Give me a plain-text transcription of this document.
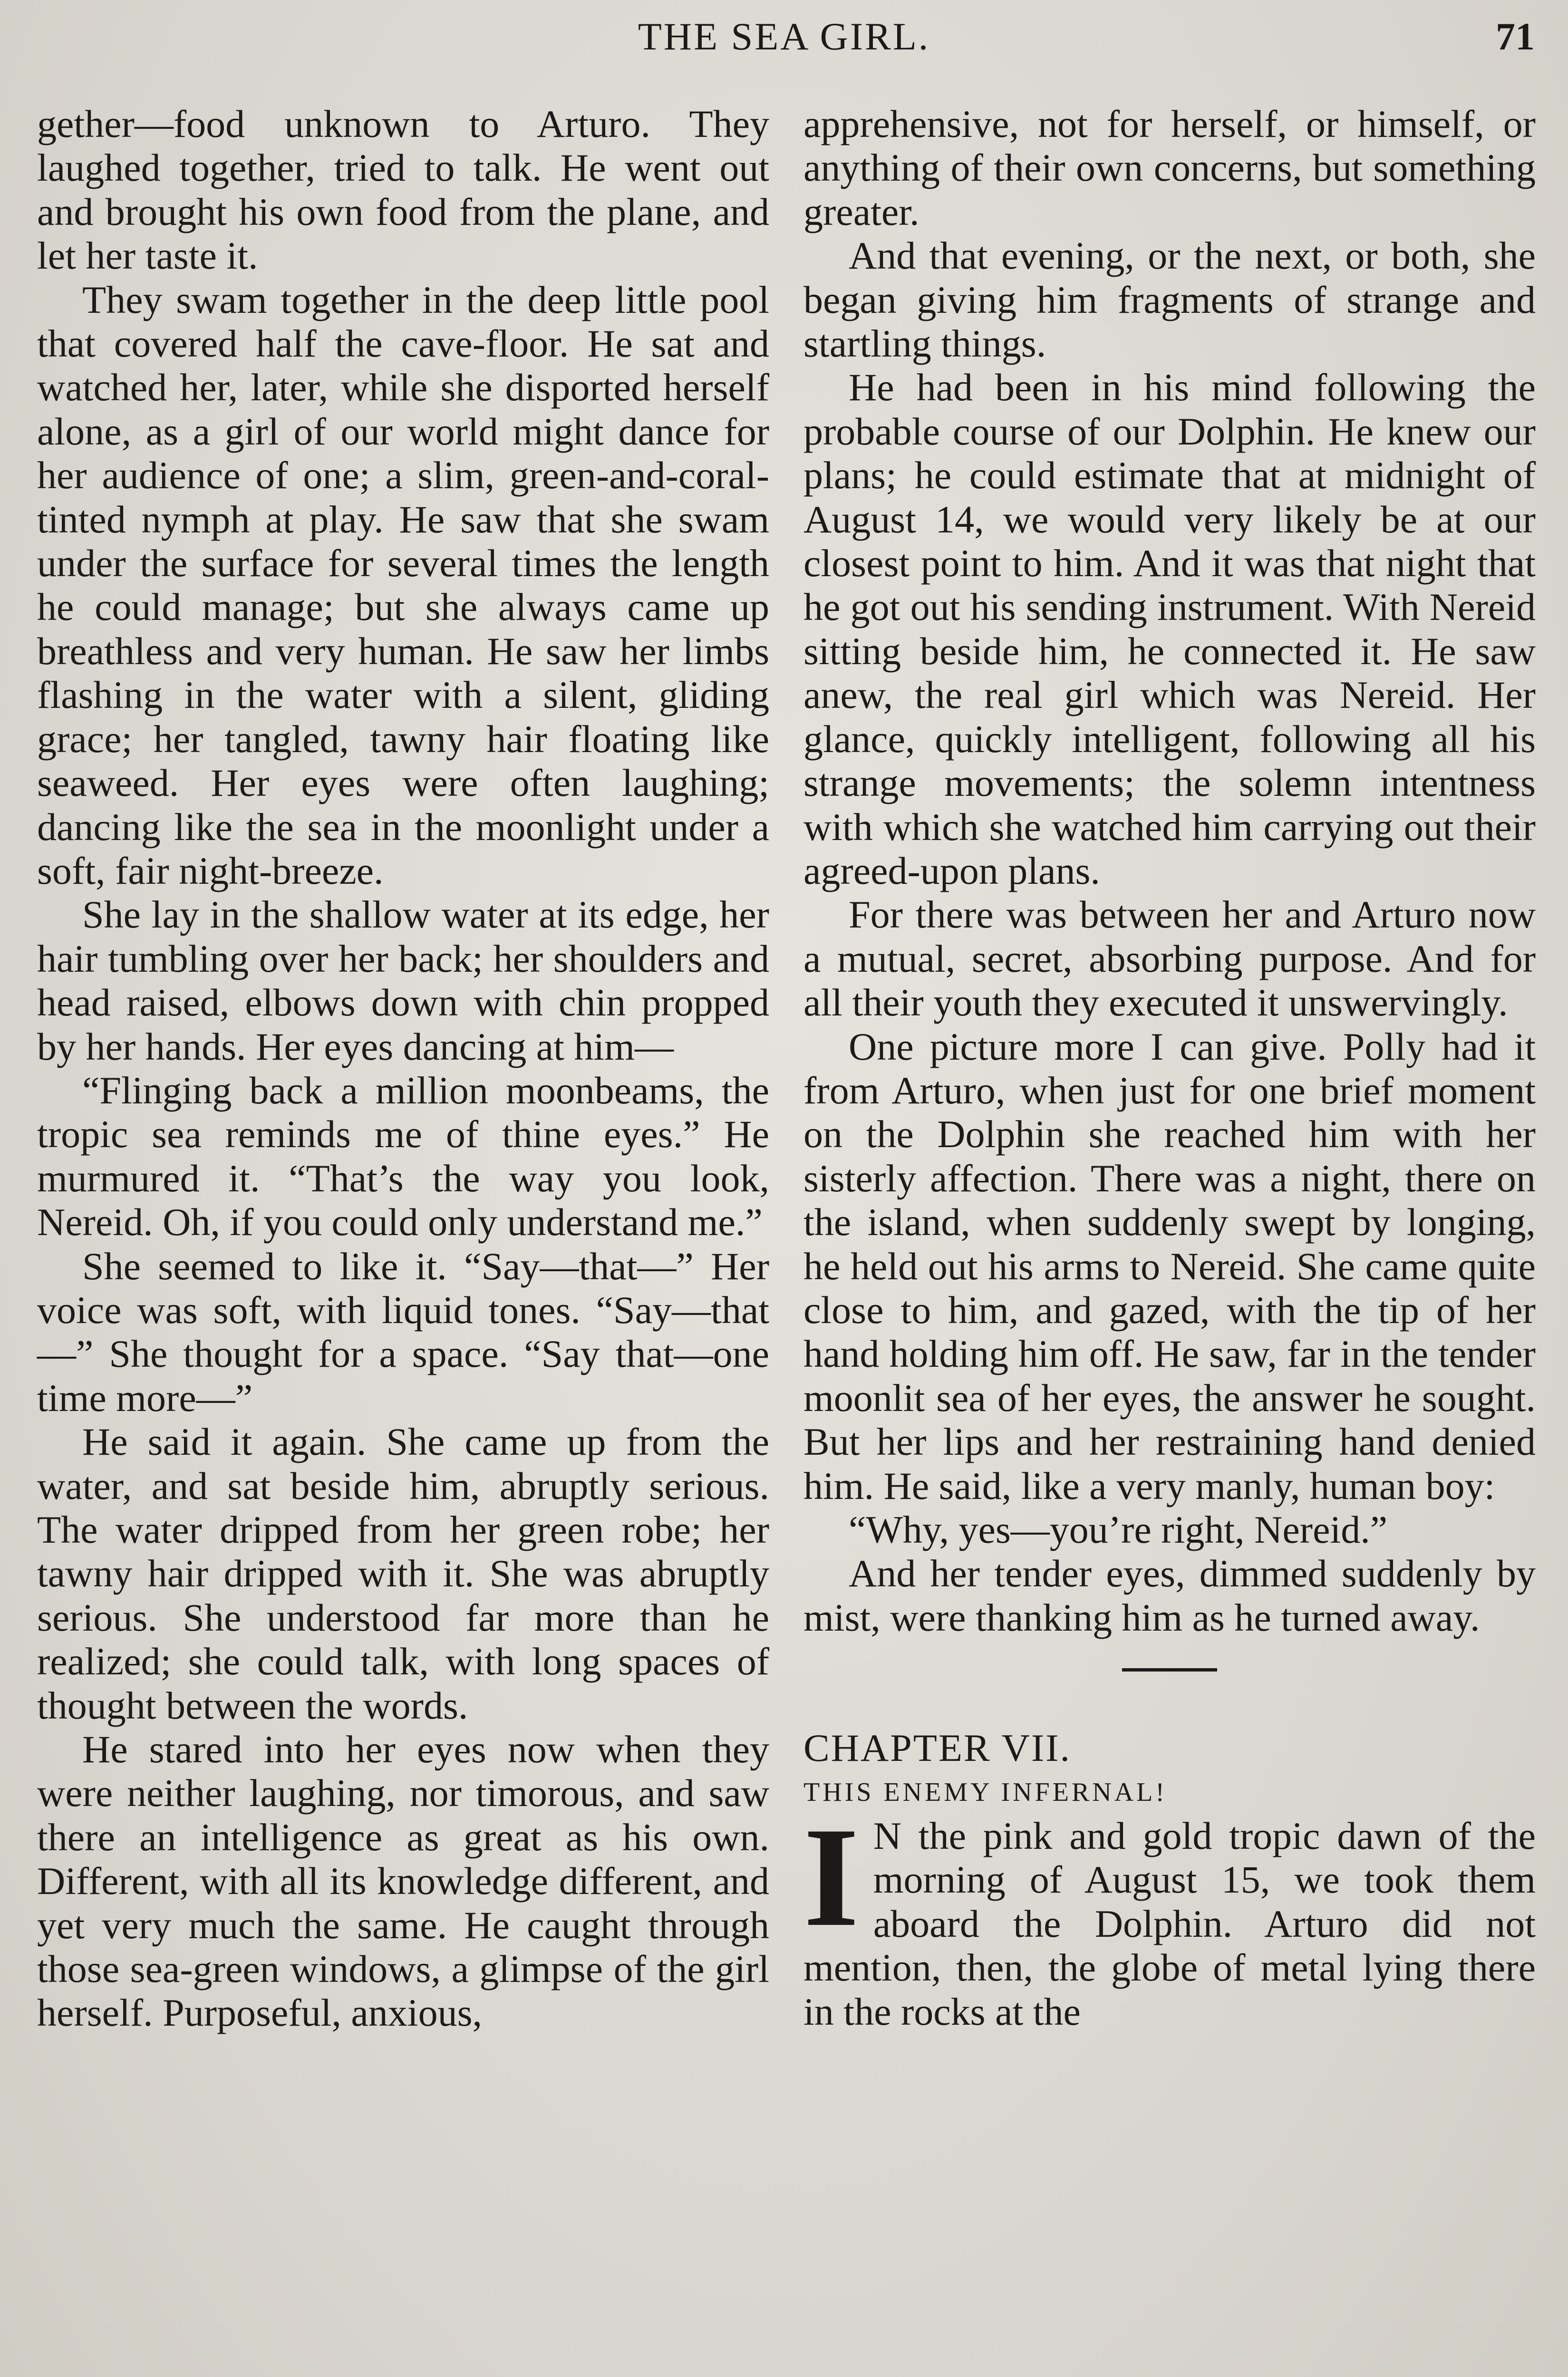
THE SEA GIRL.	71

gether—food unknown to Arturo. They laughed together, tried to talk. He went out and brought his own food from the plane, and let her taste it.

They swam together in the deep little pool that covered half the cave-floor. He sat and watched her, later, while she disported herself alone, as a girl of our world might dance for her audience of one; a slim, green-and-coral-tinted nymph at play. He saw that she swam under the surface for several times the length he could manage; but she always came up breathless and very human. He saw her limbs flashing in the water with a silent, gliding grace; her tangled, tawny hair floating like seaweed. Her eyes were often laughing; dancing like the sea in the moonlight under a soft, fair night-breeze.

She lay in the shallow water at its edge, her hair tumbling over her back; her shoulders and head raised, elbows down with chin propped by her hands. Her eyes dancing at him—

“Flinging back a million moonbeams, the tropic sea reminds me of thine eyes.” He murmured it. “That’s the way you look, Nereid. Oh, if you could only understand me.”

She seemed to like it. “Say—that—” Her voice was soft, with liquid tones. “Say—that—” She thought for a space. “Say that—one time more—”

He said it again. She came up from the water, and sat beside him, abruptly serious. The water dripped from her green robe; her tawny hair dripped with it. She was abruptly serious. She understood far more than he realized; she could talk, with long spaces of thought between the words.

He stared into her eyes now when they were neither laughing, nor timorous, and saw there an intelligence as great as his own. Different, with all its knowledge different, and yet very much the same. He caught through those sea-green windows, a glimpse of the girl herself. Purposeful, anxious,

apprehensive, not for herself, or himself, or anything of their own concerns, but something greater.

And that evening, or the next, or both, she began giving him fragments of strange and startling things.

He had been in his mind following the probable course of our Dolphin. He knew our plans; he could estimate that at midnight of August 14, we would very likely be at our closest point to him. And it was that night that he got out his sending instrument. With Nereid sitting beside him, he connected it. He saw anew, the real girl which was Nereid. Her glance, quickly intelligent, following all his strange movements; the solemn intentness with which she watched him carrying out their agreed-upon plans.

For there was between her and Arturo now a mutual, secret, absorbing purpose. And for all their youth they executed it unswervingly.

One picture more I can give. Polly had it from Arturo, when just for one brief moment on the Dolphin she reached him with her sisterly affection. There was a night, there on the island, when suddenly swept by longing, he held out his arms to Nereid. She came quite close to him, and gazed, with the tip of her hand holding him off. He saw, far in the tender moonlit sea of her eyes, the answer he sought. But her lips and her restraining hand denied him. He said, like a very manly, human boy:

“Why, yes—you’re right, Nereid.”

And her tender eyes, dimmed suddenly by mist, were thanking him as he turned away.

CHAPTER VII.

THIS ENEMY INFERNAL!

I N the pink and gold tropic dawn of the morning of August 15, we took them aboard the Dolphin. Arturo did not mention, then, the globe of metal lying there in the rocks at the
